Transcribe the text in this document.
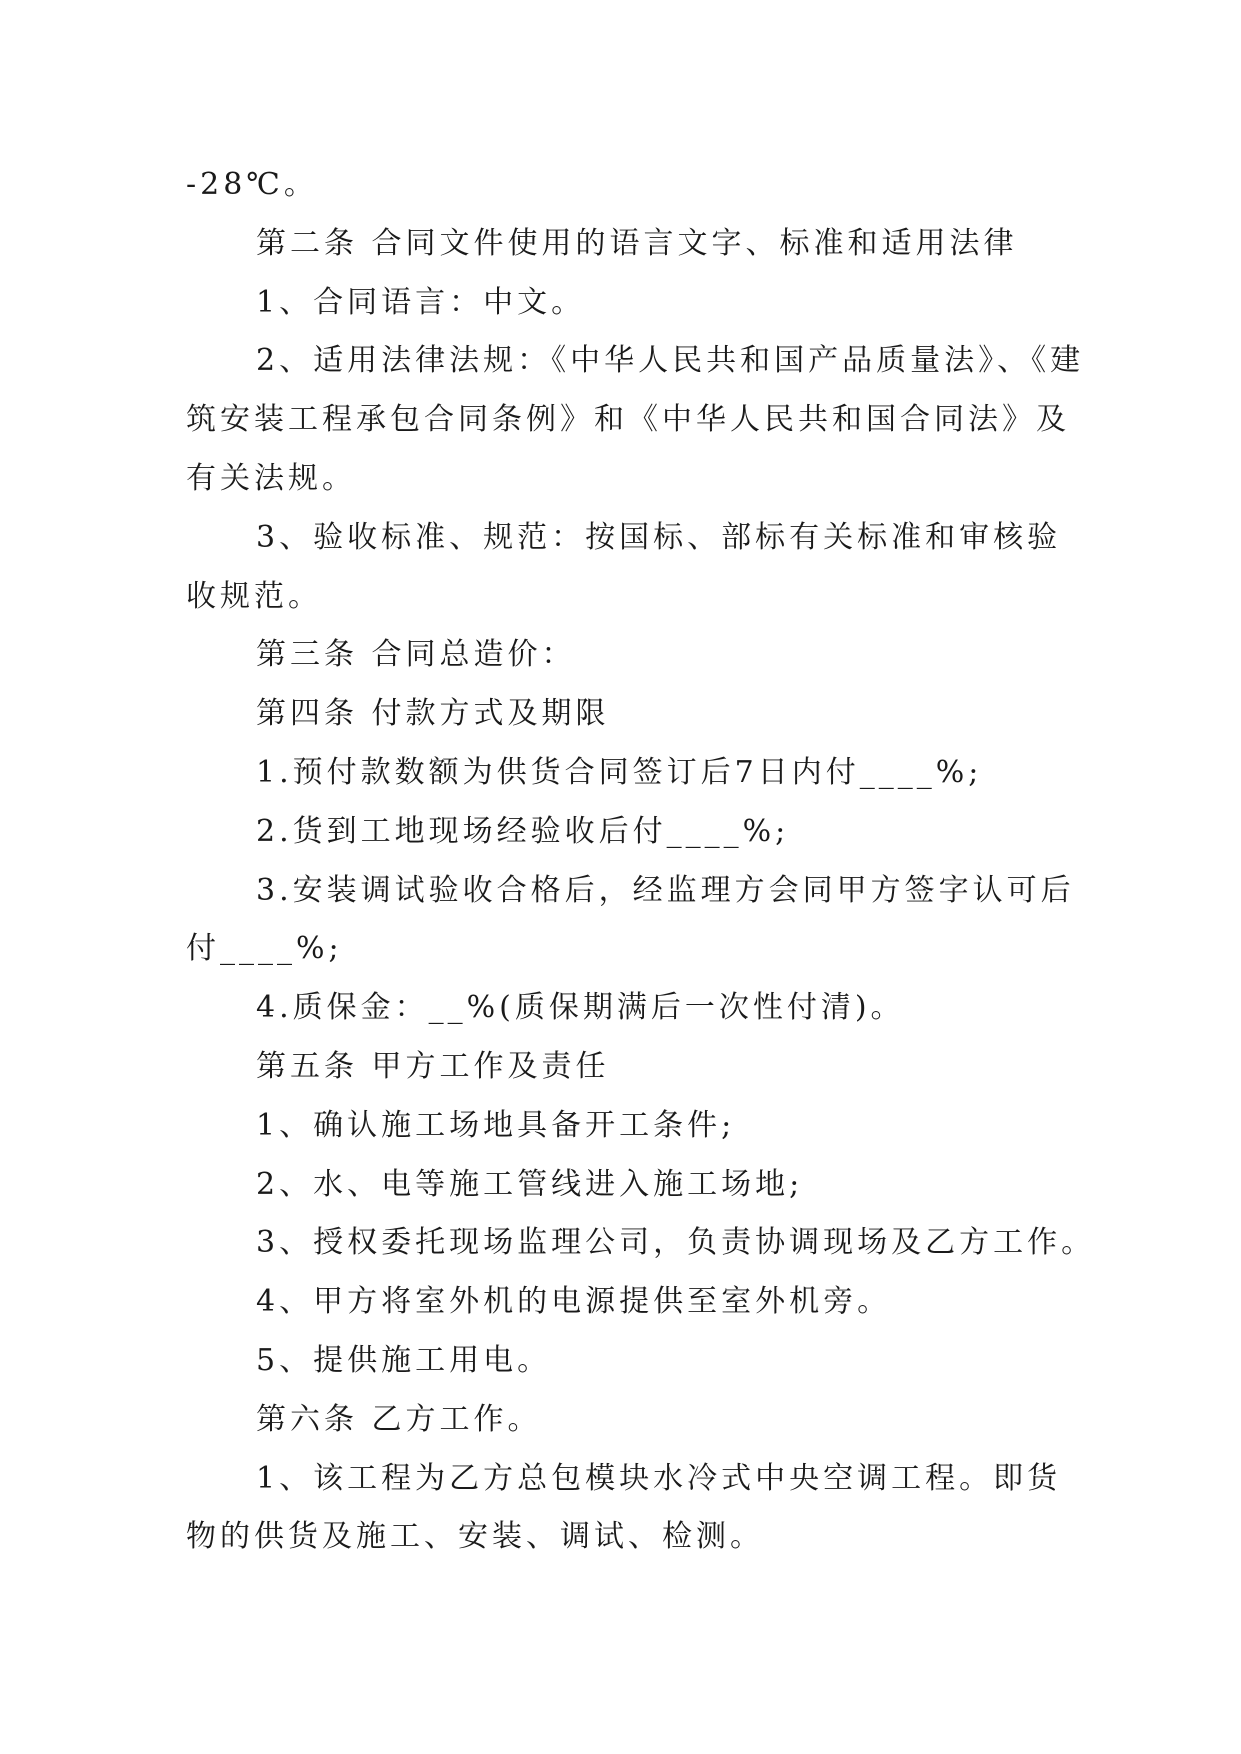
-28℃。
第二条 合同文件使用的语言文字、标准和适用法律
1、合同语言：中文。
2、适用法律法规：《中华人民共和国产品质量法》、《建
筑安装工程承包合同条例》和《中华人民共和国合同法》及
有关法规。
3、验收标准、规范：按国标、部标有关标准和审核验
收规范。
第三条 合同总造价：
第四条 付款方式及期限
1.预付款数额为供货合同签订后7日内付____%;
2.货到工地现场经验收后付____%;
3.安装调试验收合格后，经监理方会同甲方签字认可后
付____%;
4.质保金：__%(质保期满后一次性付清)。
第五条 甲方工作及责任
1、确认施工场地具备开工条件;
2、水、电等施工管线进入施工场地;
3、授权委托现场监理公司，负责协调现场及乙方工作。
4、甲方将室外机的电源提供至室外机旁。
5、提供施工用电。
第六条 乙方工作。
1、该工程为乙方总包模块水冷式中央空调工程。即货
物的供货及施工、安装、调试、检测。
